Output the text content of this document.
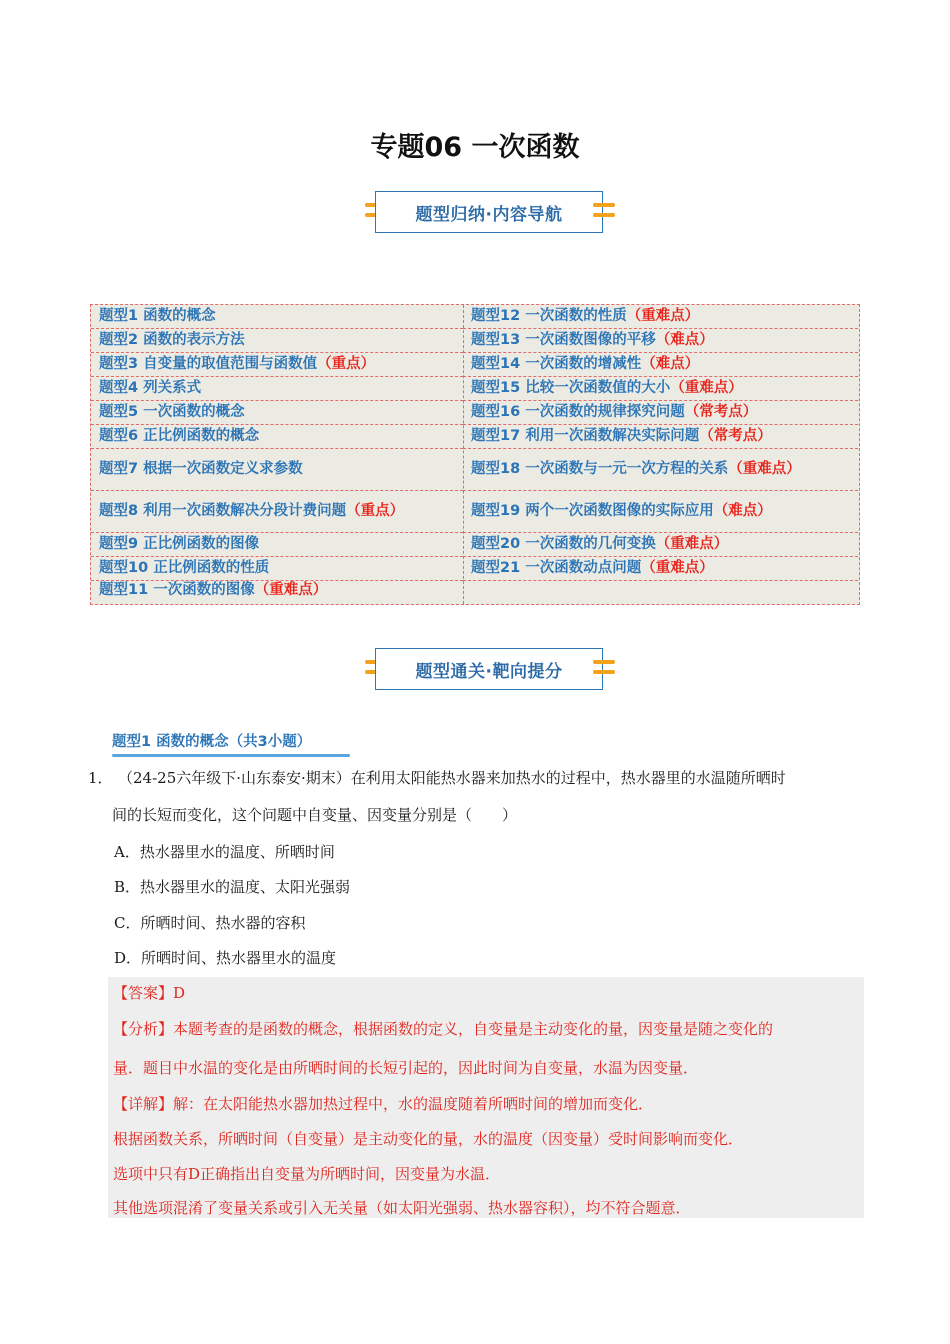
专题06 一次函数
题型归纳·内容导航
题型1 函数的概念
题型2 函数的表示方法
题型3 自变量的取值范围与函数值（重点）
题型4 列关系式
题型5 一次函数的概念
题型6 正比例函数的概念
题型7 根据一次函数定义求参数
题型8 利用一次函数解决分段计费问题（重点）
题型9 正比例函数的图像
题型10 正比例函数的性质
题型11 一次函数的图像（重难点）
题型12 一次函数的性质（重难点）
题型13 一次函数图像的平移（难点）
题型14 一次函数的增减性（难点）
题型15 比较一次函数值的大小（重难点）
题型16 一次函数的规律探究问题（常考点）
题型17 利用一次函数解决实际问题（常考点）
题型18 一次函数与一元一次方程的关系（重难点）
题型19 两个一次函数图像的实际应用（难点）
题型20 一次函数的几何变换（重难点）
题型21 一次函数动点问题（重难点）
题型通关·靶向提分
题型1 函数的概念（共3小题）
1． （24-25六年级下·山东泰安·期末）在利用太阳能热水器来加热水的过程中，热水器里的水温随所晒时
间的长短而变化，这个问题中自变量、因变量分别是（　　）
A．热水器里水的温度、所晒时间
B．热水器里水的温度、太阳光强弱
C．所晒时间、热水器的容积
D．所晒时间、热水器里水的温度
【答案】D
【分析】本题考查的是函数的概念，根据函数的定义，自变量是主动变化的量，因变量是随之变化的
量．题目中水温的变化是由所晒时间的长短引起的，因此时间为自变量，水温为因变量．
【详解】解：在太阳能热水器加热过程中，水的温度随着所晒时间的增加而变化．
根据函数关系，所晒时间（自变量）是主动变化的量，水的温度（因变量）受时间影响而变化．
选项中只有D正确指出自变量为所晒时间，因变量为水温．
其他选项混淆了变量关系或引入无关量（如太阳光强弱、热水器容积），均不符合题意．
